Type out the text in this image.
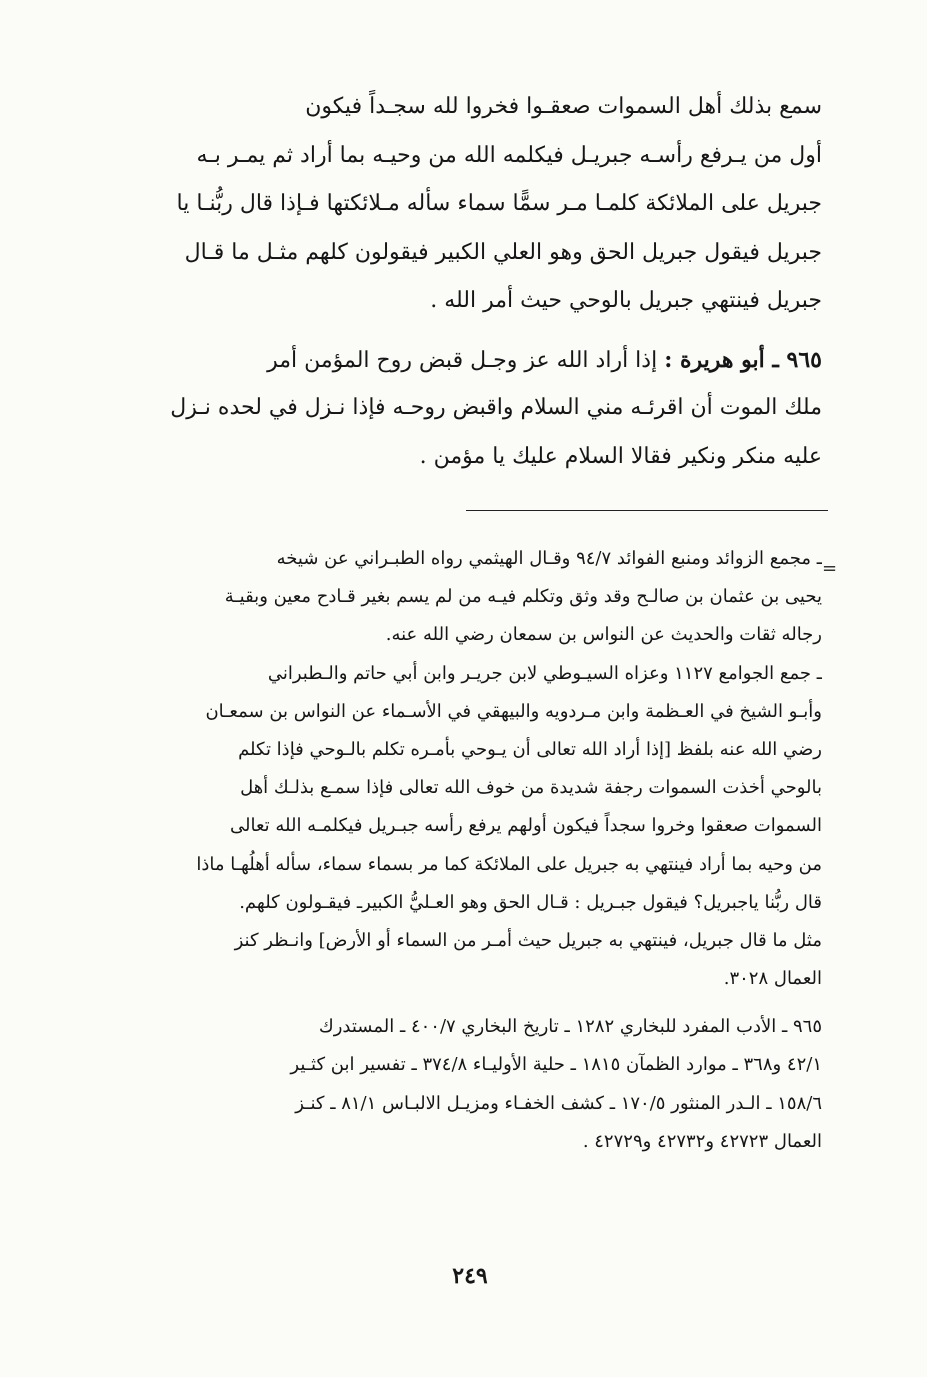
سمع بذلك أهل السموات صعقـوا فخروا لله سجـداً فيكون
أول من يـرفع رأسـه جبريـل فيكلمه الله من وحيـه بما أراد ثم يمـر بـه
جبريل على الملائكة كلمـا مـر سمًّا سماء سأله مـلائكتها فـإذا قال ربُّنـا يا
جبريل فيقول جبريل الحق وهو العلي الكبير فيقولون كلهم مثـل ما قـال
جبريل فينتهي جبريل بالوحي حيث أمر الله .

٩٦٥ ـ أبو هريرة : إذا أراد الله عز وجـل قبض روح المؤمن أمر
ملك الموت أن اقرئـه مني السلام واقبض روحـه فإذا نـزل في لحده نـزل
عليه منكر ونكير فقالا السلام عليك يا مؤمن .

=

ـ مجمع الزوائد ومنبع الفوائد ٩٤/٧ وقـال الهيثمي رواه الطبـراني عن شيخه
يحيى بن عثمان بن صالـح وقد وثق وتكلم فيـه من لم يسم بغير قـادح معين وبقيـة
رجاله ثقات والحديث عن النواس بن سمعان رضي الله عنه.

ـ جمع الجوامع ١١٢٧ وعزاه السيـوطي لابن جريـر وابن أبي حاتم والـطبراني
وأبـو الشيخ في العـظمة وابن مـردويه والبيهقي في الأسـماء عن النواس بن سمعـان
رضي الله عنه بلفظ [إذا أراد الله تعالى أن يـوحي بأمـره تكلم بالـوحي فإذا تكلم
بالوحي أخذت السموات رجفة شديدة من خوف الله تعالى فإذا سمـع بذلـك أهل
السموات صعقوا وخروا سجداً فيكون أولهم يرفع رأسه جبـريل فيكلمـه الله تعالى
من وحيه بما أراد فينتهي به جبريل على الملائكة كما مر بسماء سماء، سأله أهلُهـا ماذا
قال ربُّنا ياجبريل؟ فيقول جبـريل : قـال الحق وهو العـليُّ الكبيرـ فيقـولون كلهم.
مثل ما قال جبريل، فينتهي به جبريل حيث أمـر من السماء أو الأرض] وانـظر كنز
العمال ٣٠٢٨.

٩٦٥ ـ الأدب المفرد للبخاري ١٢٨٢ ـ تاريخ البخاري ٤٠٠/٧ ـ المستدرك
٤٢/١ و٣٦٨ ـ موارد الظمآن ١٨١٥ ـ حلية الأوليـاء ٣٧٤/٨ ـ تفسير ابن كثـير
١٥٨/٦ ـ الـدر المنثور ١٧٠/٥ ـ كشف الخفـاء ومزيـل الالبـاس ٨١/١ ـ كنـز
العمال ٤٢٧٢٣ و٤٢٧٣٢ و٤٢٧٢٩ .

٢٤٩
